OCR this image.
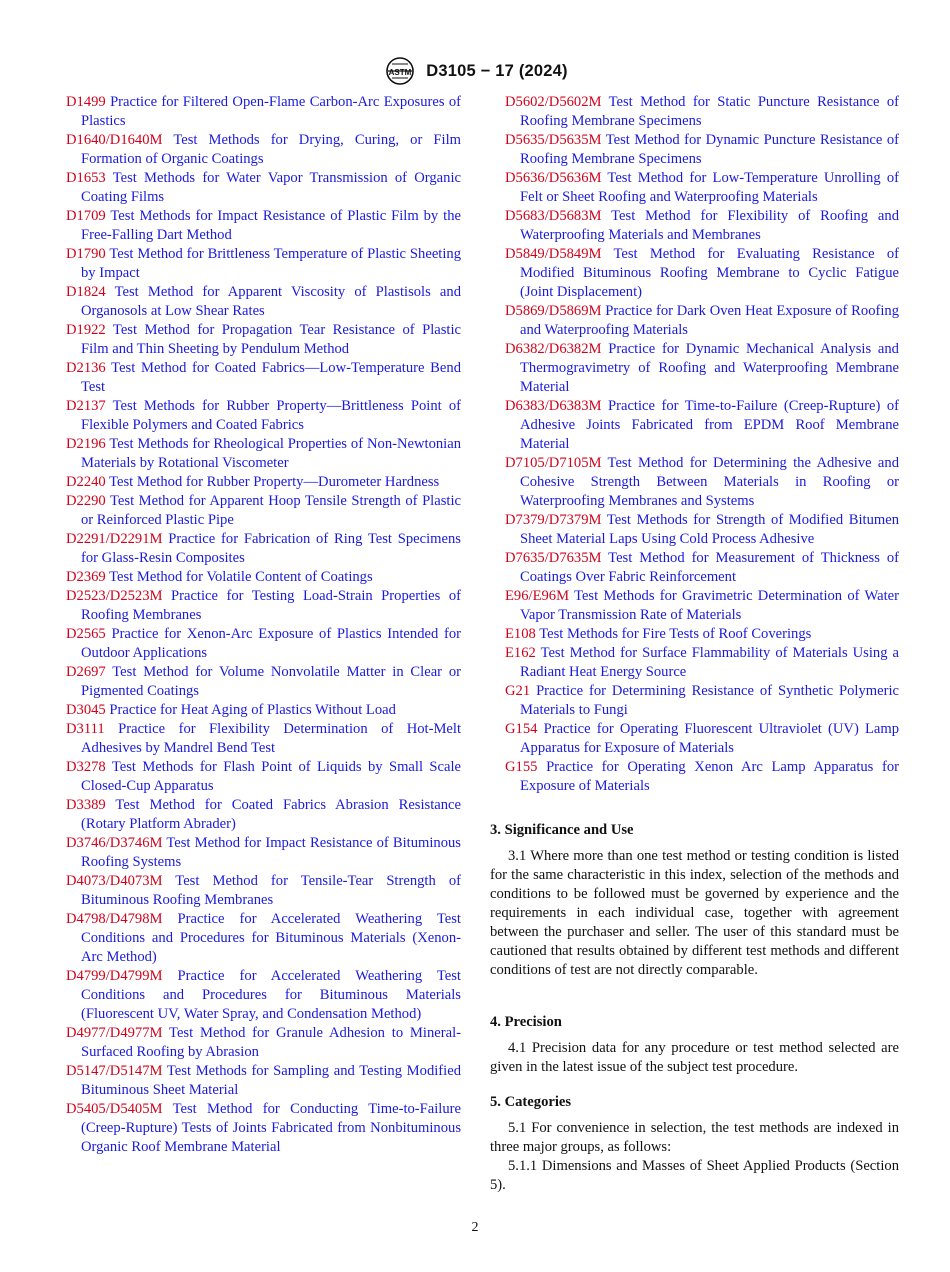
ASTM D3105 − 17 (2024)

D1499 Practice for Filtered Open-Flame Carbon-Arc Exposures of Plastics

D1640/D1640M Test Methods for Drying, Curing, or Film Formation of Organic Coatings

D1653 Test Methods for Water Vapor Transmission of Organic Coating Films

D1709 Test Methods for Impact Resistance of Plastic Film by the Free-Falling Dart Method

D1790 Test Method for Brittleness Temperature of Plastic Sheeting by Impact

D1824 Test Method for Apparent Viscosity of Plastisols and Organosols at Low Shear Rates

D1922 Test Method for Propagation Tear Resistance of Plastic Film and Thin Sheeting by Pendulum Method

D2136 Test Method for Coated Fabrics—Low-Temperature Bend Test

D2137 Test Methods for Rubber Property—Brittleness Point of Flexible Polymers and Coated Fabrics

D2196 Test Methods for Rheological Properties of Non-Newtonian Materials by Rotational Viscometer

D2240 Test Method for Rubber Property—Durometer Hardness

D2290 Test Method for Apparent Hoop Tensile Strength of Plastic or Reinforced Plastic Pipe

D2291/D2291M Practice for Fabrication of Ring Test Specimens for Glass-Resin Composites

D2369 Test Method for Volatile Content of Coatings

D2523/D2523M Practice for Testing Load-Strain Properties of Roofing Membranes

D2565 Practice for Xenon-Arc Exposure of Plastics Intended for Outdoor Applications

D2697 Test Method for Volume Nonvolatile Matter in Clear or Pigmented Coatings

D3045 Practice for Heat Aging of Plastics Without Load

D3111 Practice for Flexibility Determination of Hot-Melt Adhesives by Mandrel Bend Test

D3278 Test Methods for Flash Point of Liquids by Small Scale Closed-Cup Apparatus

D3389 Test Method for Coated Fabrics Abrasion Resistance (Rotary Platform Abrader)

D3746/D3746M Test Method for Impact Resistance of Bituminous Roofing Systems

D4073/D4073M Test Method for Tensile-Tear Strength of Bituminous Roofing Membranes

D4798/D4798M Practice for Accelerated Weathering Test Conditions and Procedures for Bituminous Materials (Xenon-Arc Method)

D4799/D4799M Practice for Accelerated Weathering Test Conditions and Procedures for Bituminous Materials (Fluorescent UV, Water Spray, and Condensation Method)

D4977/D4977M Test Method for Granule Adhesion to Mineral-Surfaced Roofing by Abrasion

D5147/D5147M Test Methods for Sampling and Testing Modified Bituminous Sheet Material

D5405/D5405M Test Method for Conducting Time-to-Failure (Creep-Rupture) Tests of Joints Fabricated from Nonbituminous Organic Roof Membrane Material

D5602/D5602M Test Method for Static Puncture Resistance of Roofing Membrane Specimens

D5635/D5635M Test Method for Dynamic Puncture Resistance of Roofing Membrane Specimens

D5636/D5636M Test Method for Low-Temperature Unrolling of Felt or Sheet Roofing and Waterproofing Materials

D5683/D5683M Test Method for Flexibility of Roofing and Waterproofing Materials and Membranes

D5849/D5849M Test Method for Evaluating Resistance of Modified Bituminous Roofing Membrane to Cyclic Fatigue (Joint Displacement)

D5869/D5869M Practice for Dark Oven Heat Exposure of Roofing and Waterproofing Materials

D6382/D6382M Practice for Dynamic Mechanical Analysis and Thermogravimetry of Roofing and Waterproofing Membrane Material

D6383/D6383M Practice for Time-to-Failure (Creep-Rupture) of Adhesive Joints Fabricated from EPDM Roof Membrane Material

D7105/D7105M Test Method for Determining the Adhesive and Cohesive Strength Between Materials in Roofing or Waterproofing Membranes and Systems

D7379/D7379M Test Methods for Strength of Modified Bitumen Sheet Material Laps Using Cold Process Adhesive

D7635/D7635M Test Method for Measurement of Thickness of Coatings Over Fabric Reinforcement

E96/E96M Test Methods for Gravimetric Determination of Water Vapor Transmission Rate of Materials

E108 Test Methods for Fire Tests of Roof Coverings

E162 Test Method for Surface Flammability of Materials Using a Radiant Heat Energy Source

G21 Practice for Determining Resistance of Synthetic Polymeric Materials to Fungi

G154 Practice for Operating Fluorescent Ultraviolet (UV) Lamp Apparatus for Exposure of Materials

G155 Practice for Operating Xenon Arc Lamp Apparatus for Exposure of Materials

3. Significance and Use

3.1 Where more than one test method or testing condition is listed for the same characteristic in this index, selection of the methods and conditions to be followed must be governed by experience and the requirements in each individual case, together with agreement between the purchaser and seller. The user of this standard must be cautioned that results obtained by different test methods and different conditions of test are not directly comparable.

4. Precision

4.1 Precision data for any procedure or test method selected are given in the latest issue of the subject test procedure.

5. Categories

5.1 For convenience in selection, the test methods are indexed in three major groups, as follows:

5.1.1 Dimensions and Masses of Sheet Applied Products (Section 5).

2
